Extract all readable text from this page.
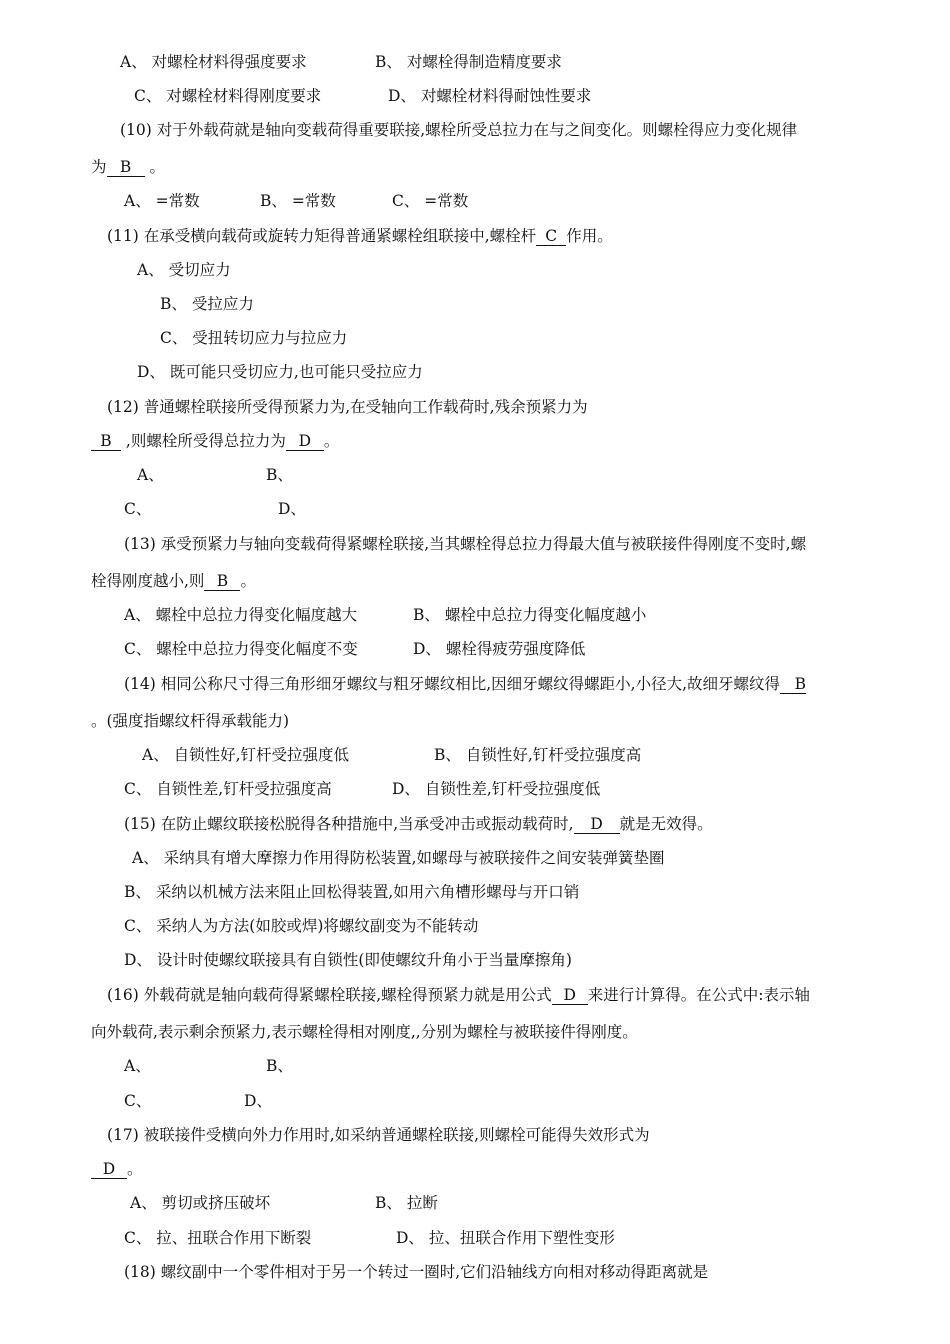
A、 对螺栓材料得强度要求	B、 对螺栓得制造精度要求
C、 对螺栓材料得刚度要求	D、 对螺栓材料得耐蚀性要求
(10) 对于外载荷就是轴向变载荷得重要联接,螺栓所受总拉力在与之间变化。则螺栓得应力变化规律
为 B 。
A、 =常数	B、 =常数	C、 =常数
(11) 在承受横向载荷或旋转力矩得普通紧螺栓组联接中,螺栓杆 C 作用。
A、 受切应力
B、 受拉应力
C、 受扭转切应力与拉应力
D、 既可能只受切应力,也可能只受拉应力
(12) 普通螺栓联接所受得预紧力为,在受轴向工作载荷时,残余预紧力为
B ,则螺栓所受得总拉力为 D 。
A、	B、
C、	D、
(13) 承受预紧力与轴向变载荷得紧螺栓联接,当其螺栓得总拉力得最大值与被联接件得刚度不变时,螺
栓得刚度越小,则 B 。
A、 螺栓中总拉力得变化幅度越大	B、 螺栓中总拉力得变化幅度越小
C、 螺栓中总拉力得变化幅度不变	D、 螺栓得疲劳强度降低
(14) 相同公称尺寸得三角形细牙螺纹与粗牙螺纹相比,因细牙螺纹得螺距小,小径大,故细牙螺纹得 B
。(强度指螺纹杆得承载能力)
A、 自锁性好,钉杆受拉强度低	B、 自锁性好,钉杆受拉强度高
C、 自锁性差,钉杆受拉强度高	D、 自锁性差,钉杆受拉强度低
(15) 在防止螺纹联接松脱得各种措施中,当承受冲击或振动载荷时, D 就是无效得。
A、 采纳具有增大摩擦力作用得防松装置,如螺母与被联接件之间安装弹簧垫圈
B、 采纳以机械方法来阻止回松得装置,如用六角槽形螺母与开口销
C、 采纳人为方法(如胶或焊)将螺纹副变为不能转动
D、 设计时使螺纹联接具有自锁性(即使螺纹升角小于当量摩擦角)
(16) 外载荷就是轴向载荷得紧螺栓联接,螺栓得预紧力就是用公式 D 来进行计算得。在公式中:表示轴
向外载荷,表示剩余预紧力,表示螺栓得相对刚度,,分别为螺栓与被联接件得刚度。
A、	B、
C、	D、
(17) 被联接件受横向外力作用时,如采纳普通螺栓联接,则螺栓可能得失效形式为
D 。
A、 剪切或挤压破坏	B、 拉断
C、 拉、扭联合作用下断裂	D、 拉、扭联合作用下塑性变形
(18) 螺纹副中一个零件相对于另一个转过一圈时,它们沿轴线方向相对移动得距离就是
